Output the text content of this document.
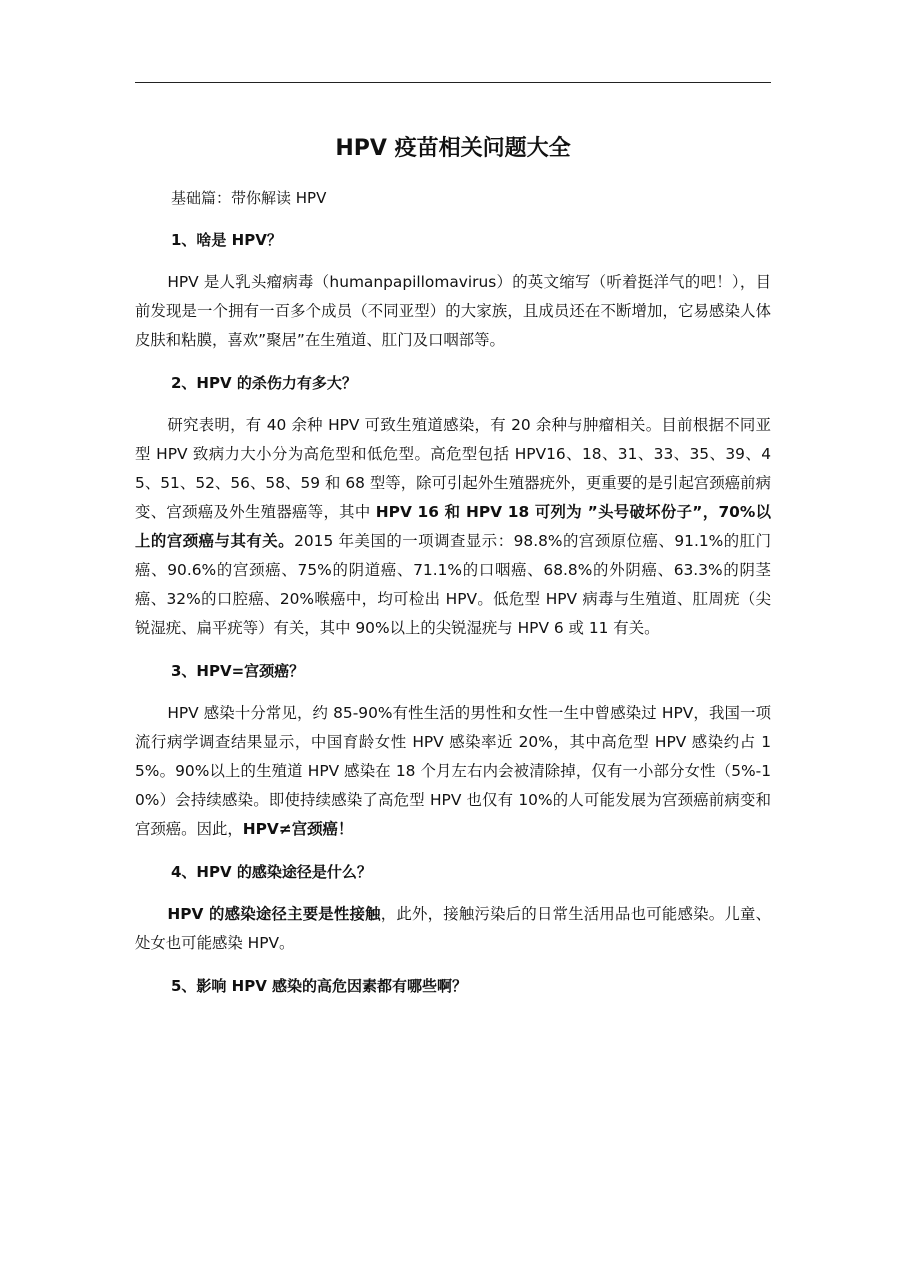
HPV 疫苗相关问题大全
基础篇：带你解读 HPV
1、啥是 HPV？

HPV 是人乳头瘤病毒（humanpapillomavirus）的英文缩写（听着挺洋气的吧！），目前发现是一个拥有一百多个成员（不同亚型）的大家族，且成员还在不断增加，它易感染人体皮肤和粘膜，喜欢”聚居”在生殖道、肛门及口咽部等。

2、HPV 的杀伤力有多大？

研究表明，有 40 余种 HPV 可致生殖道感染，有 20 余种与肿瘤相关。目前根据不同亚型 HPV 致病力大小分为高危型和低危型。高危型包括 HPV16、18、31、33、35、39、45、51、52、56、58、59 和 68 型等，除可引起外生殖器疣外，更重要的是引起宫颈癌前病变、宫颈癌及外生殖器癌等，其中 HPV 16 和 HPV 18 可列为 ”头号破坏份子”，70%以上的宫颈癌与其有关。2015 年美国的一项调查显示：98.8%的宫颈原位癌、91.1%的肛门癌、90.6%的宫颈癌、75%的阴道癌、71.1%的口咽癌、68.8%的外阴癌、63.3%的阴茎癌、32%的口腔癌、20%喉癌中，均可检出 HPV。低危型 HPV 病毒与生殖道、肛周疣（尖锐湿疣、扁平疣等）有关，其中 90%以上的尖锐湿疣与 HPV 6 或 11 有关。

3、HPV=宫颈癌？

HPV 感染十分常见，约 85-90%有性生活的男性和女性一生中曾感染过 HPV，我国一项流行病学调查结果显示，中国育龄女性 HPV 感染率近 20%，其中高危型 HPV 感染约占 15%。90%以上的生殖道 HPV 感染在 18 个月左右内会被清除掉，仅有一小部分女性（5%-10%）会持续感染。即使持续感染了高危型 HPV 也仅有 10%的人可能发展为宫颈癌前病变和宫颈癌。因此，HPV≠宫颈癌！

4、HPV 的感染途径是什么？

HPV 的感染途径主要是性接触，此外，接触污染后的日常生活用品也可能感染。儿童、处女也可能感染 HPV。

5、影响 HPV 感染的高危因素都有哪些啊？
